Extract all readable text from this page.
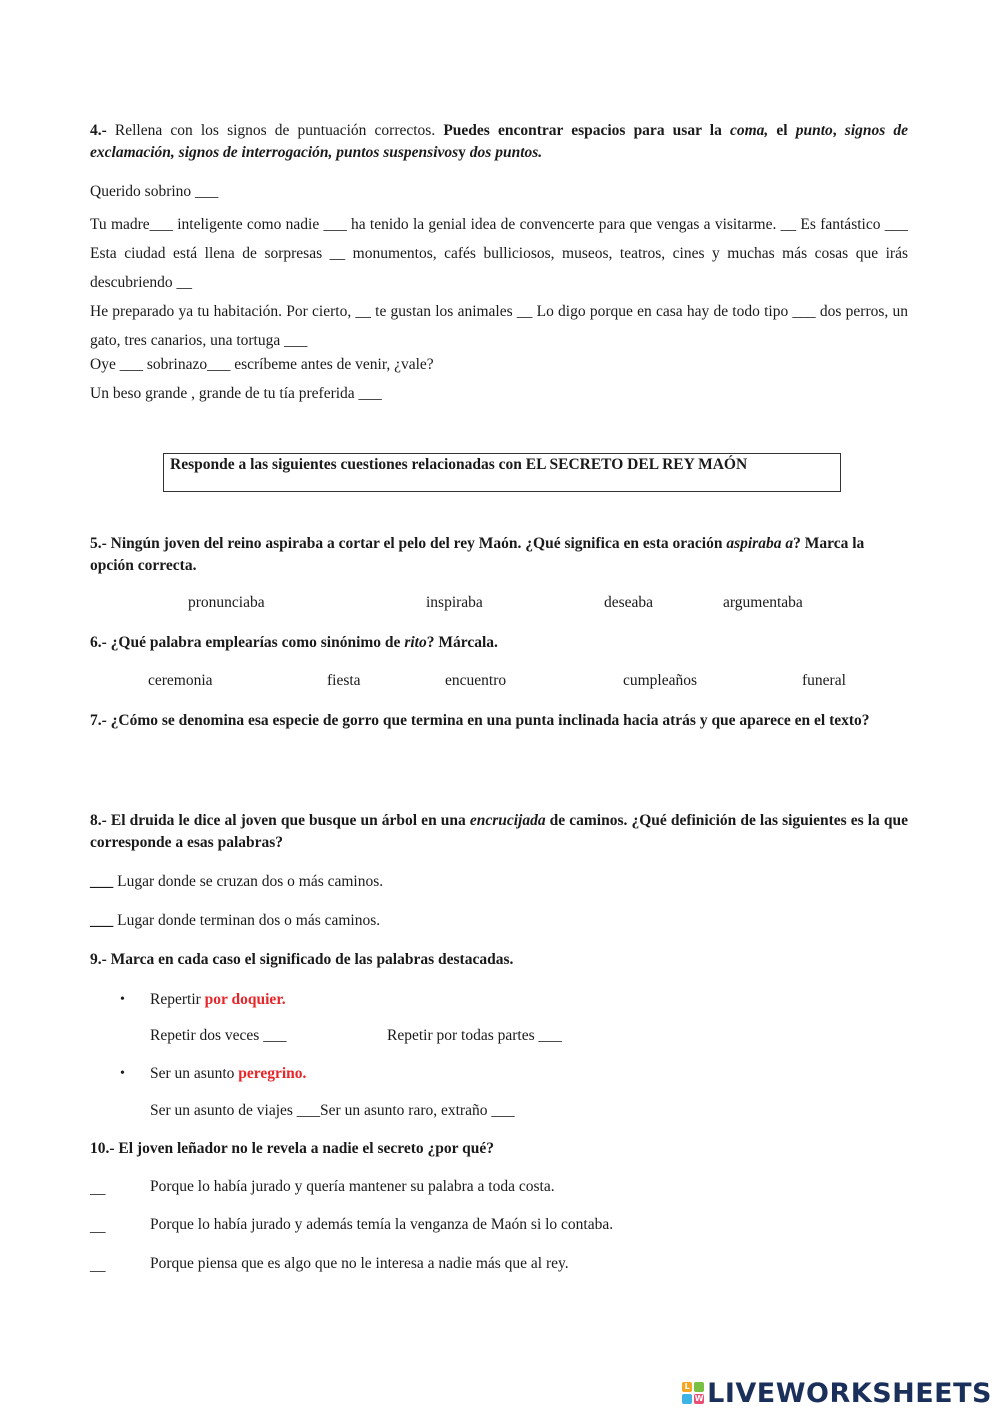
4.- Rellena con los signos de puntuación correctos. Puedes encontrar espacios para usar la coma, el punto, signos de exclamación, signos de interrogación, puntos suspensivosy dos puntos.
Querido sobrino ___
Tu madre___ inteligente como nadie ___ ha tenido la genial idea de convencerte para que vengas a visitarme. __ Es fantástico ___ Esta ciudad está llena de sorpresas __ monumentos, cafés bulliciosos, museos, teatros, cines y muchas más cosas que irás descubriendo __
He preparado ya tu habitación. Por cierto, __ te gustan los animales __ Lo digo porque en casa hay de todo tipo ___ dos perros, un gato, tres canarios, una tortuga ___
Oye ___ sobrinazo___ escríbeme antes de venir, ¿vale?
Un beso grande , grande de tu tía preferida ___
Responde a las siguientes cuestiones relacionadas con EL SECRETO DEL REY MAÓN
5.- Ningún joven del reino aspiraba a cortar el pelo del rey Maón. ¿Qué significa en esta oración aspiraba a? Marca la opción correcta.
pronunciaba	inspiraba	deseaba	argumentaba
6.- ¿Qué palabra emplearías como sinónimo de rito? Márcala.
ceremonia	fiesta	encuentro	cumpleaños	funeral
7.- ¿Cómo se denomina esa especie de gorro que termina en una punta inclinada hacia atrás y que aparece en el texto?
8.- El druida le dice al joven que busque un árbol en una encrucijada de caminos. ¿Qué definición de las siguientes es la que corresponde a esas palabras?
___ Lugar donde se cruzan dos o más caminos.
___ Lugar donde terminan dos o más caminos.
9.- Marca en cada caso el significado de las palabras destacadas.
• Repertir por doquier.
Repetir dos veces ___	Repetir por todas partes ___
• Ser un asunto peregrino.
Ser un asunto de viajes ___Ser un asunto raro, extraño ___
10.- El joven leñador no le revela a nadie el secreto ¿por qué?
__	Porque lo había jurado y quería mantener su palabra a toda costa.
__	Porque lo había jurado y además temía la venganza de Maón si lo contaba.
__	Porque piensa que es algo que no le interesa a nadie más que al rey.
L
W LIVEWORKSHEETS
